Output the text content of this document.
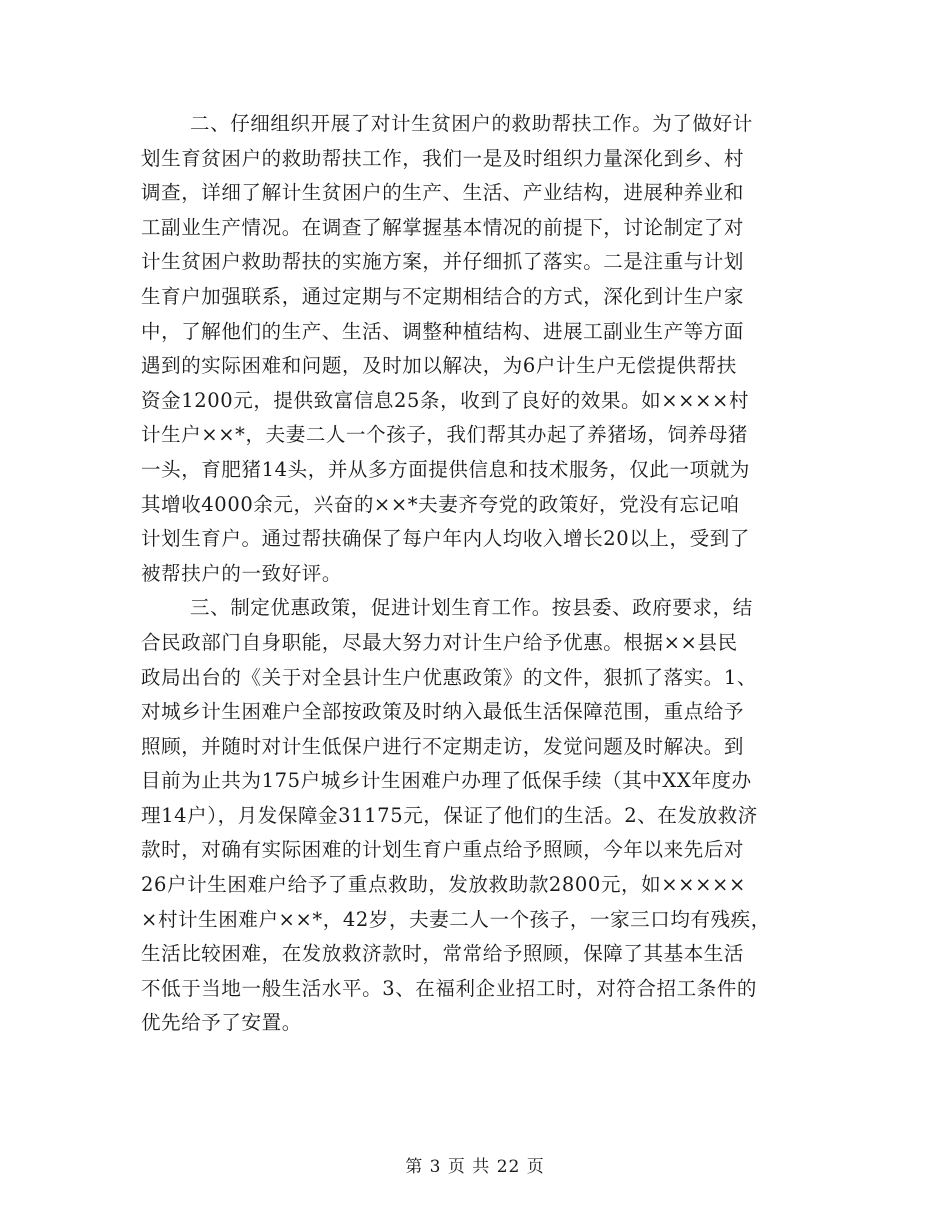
二、仔细组织开展了对计生贫困户的救助帮扶工作。为了做好计
划生育贫困户的救助帮扶工作，我们一是及时组织力量深化到乡、村
调查，详细了解计生贫困户的生产、生活、产业结构，进展种养业和
工副业生产情况。在调查了解掌握基本情况的前提下，讨论制定了对
计生贫困户救助帮扶的实施方案，并仔细抓了落实。二是注重与计划
生育户加强联系，通过定期与不定期相结合的方式，深化到计生户家
中，了解他们的生产、生活、调整种植结构、进展工副业生产等方面
遇到的实际困难和问题，及时加以解决，为6户计生户无偿提供帮扶
资金1200元，提供致富信息25条，收到了良好的效果。如××××村
计生户××*，夫妻二人一个孩子，我们帮其办起了养猪场，饲养母猪
一头，育肥猪14头，并从多方面提供信息和技术服务，仅此一项就为
其增收4000余元，兴奋的××*夫妻齐夸党的政策好，党没有忘记咱
计划生育户。通过帮扶确保了每户年内人均收入增长20以上，受到了
被帮扶户的一致好评。
三、制定优惠政策，促进计划生育工作。按县委、政府要求，结
合民政部门自身职能，尽最大努力对计生户给予优惠。根据××县民
政局出台的《关于对全县计生户优惠政策》的文件，狠抓了落实。1、
对城乡计生困难户全部按政策及时纳入最低生活保障范围，重点给予
照顾，并随时对计生低保户进行不定期走访，发觉问题及时解决。到
目前为止共为175户城乡计生困难户办理了低保手续（其中XX年度办
理14户），月发保障金31175元，保证了他们的生活。2、在发放救济
款时，对确有实际困难的计划生育户重点给予照顾，今年以来先后对
26户计生困难户给予了重点救助，发放救助款2800元，如×××××
×村计生困难户××*，42岁，夫妻二人一个孩子，一家三口均有残疾，
生活比较困难，在发放救济款时，常常给予照顾，保障了其基本生活
不低于当地一般生活水平。3、在福利企业招工时，对符合招工条件的
优先给予了安置。
第 3 页 共 22 页
